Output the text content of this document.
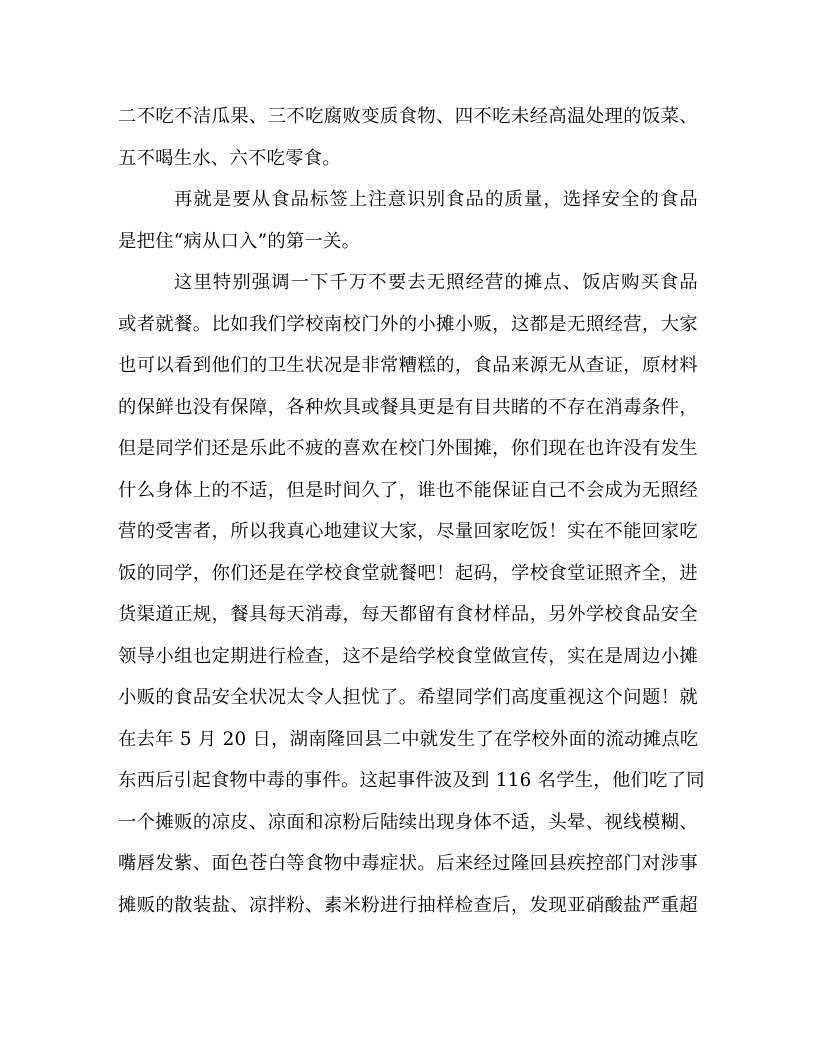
二不吃不洁瓜果、三不吃腐败变质食物、四不吃未经高温处理的饭菜、
五不喝生水、六不吃零食。
再就是要从食品标签上注意识别食品的质量，选择安全的食品
是把住“病从口入”的第一关。
这里特别强调一下千万不要去无照经营的摊点、饭店购买食品
或者就餐。比如我们学校南校门外的小摊小贩，这都是无照经营，大家
也可以看到他们的卫生状况是非常糟糕的，食品来源无从查证，原材料
的保鲜也没有保障，各种炊具或餐具更是有目共睹的不存在消毒条件，
但是同学们还是乐此不疲的喜欢在校门外围摊，你们现在也许没有发生
什么身体上的不适，但是时间久了，谁也不能保证自己不会成为无照经
营的受害者，所以我真心地建议大家，尽量回家吃饭！实在不能回家吃
饭的同学，你们还是在学校食堂就餐吧！起码，学校食堂证照齐全，进
货渠道正规，餐具每天消毒，每天都留有食材样品，另外学校食品安全
领导小组也定期进行检查，这不是给学校食堂做宣传，实在是周边小摊
小贩的食品安全状况太令人担忧了。希望同学们高度重视这个问题！就
在去年 5 月 20 日，湖南隆回县二中就发生了在学校外面的流动摊点吃
东西后引起食物中毒的事件。这起事件波及到 116 名学生，他们吃了同
一个摊贩的凉皮、凉面和凉粉后陆续出现身体不适，头晕、视线模糊、
嘴唇发紫、面色苍白等食物中毒症状。后来经过隆回县疾控部门对涉事
摊贩的散装盐、凉拌粉、素米粉进行抽样检查后，发现亚硝酸盐严重超
